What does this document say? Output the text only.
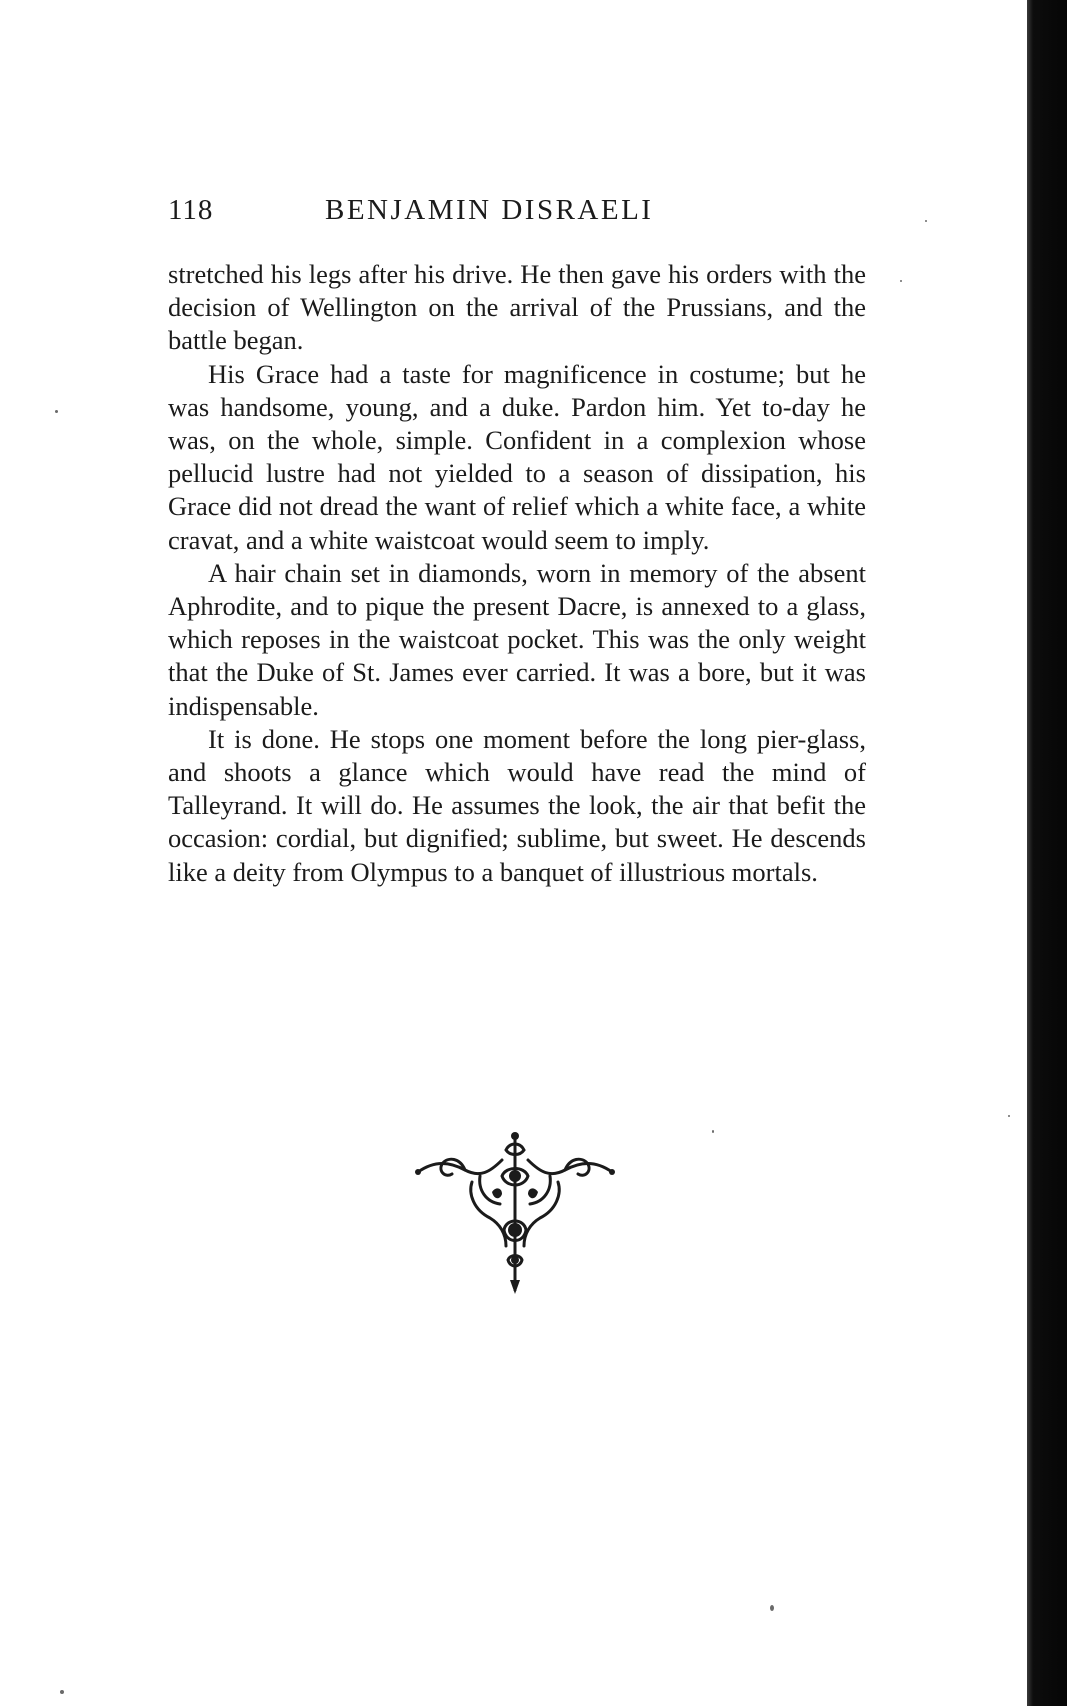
118	BENJAMIN DISRAELI

stretched his legs after his drive. He then gave his orders with the decision of Wellington on the arrival of the Prussians, and the battle began.

His Grace had a taste for magnificence in costume; but he was handsome, young, and a duke. Pardon him. Yet to-day he was, on the whole, simple. Confident in a complexion whose pellucid lustre had not yielded to a season of dissipation, his Grace did not dread the want of relief which a white face, a white cravat, and a white waistcoat would seem to imply.

A hair chain set in diamonds, worn in memory of the absent Aphrodite, and to pique the present Dacre, is annexed to a glass, which reposes in the waistcoat pocket. This was the only weight that the Duke of St. James ever carried. It was a bore, but it was indispensable.

It is done. He stops one moment before the long pier-glass, and shoots a glance which would have read the mind of Talleyrand. It will do. He assumes the look, the air that befit the occasion: cordial, but dignified; sublime, but sweet. He descends like a deity from Olympus to a banquet of illustrious mortals.
